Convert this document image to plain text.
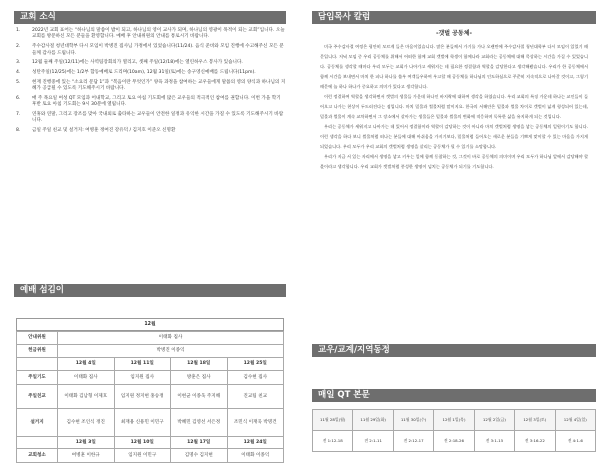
교회 소식
1.	2022년 교회 표어는 “하나님의 말씀이 밥이 되고, 하나님의 영이 교사가 되며, 하나님의 영광이 목적이 되는 교회”입니다. 오늘 교회를 방문하신 모든 분들을 환영합니다. 예배 후 안내위원의 안내를 통로시기 바랍니다.
2.	주수감사절 청년대학부 다시 모임이 박병진 집사님 가정에서 있었습니다(11/24). 음식 준비와 모임 진행에 수고해주신 모든 분들께 감사를 드립니다.
3.	12월 둘째 주일(12/11)에는 사역팀장회의가 열리고, 셋째 주일(12/18)에는 열린하우스 봉사가 있습니다.
4.	성탄주일(12/25)에는 1/2부 합동예배로 드리며(10am), 12월 31일(토)에는 송구영신예배를 드립니다(11pm).
5.	현재 진행중에 있는 “소요리 문답 1”과 “복음이란 무엇인가” 양육 과정을 참여하는 교우들에게 말씀의 영의 양식과 하나님의 지혜가 공급될 수 있도록 기도해주시기 바랍니다.
6.	매 주 목요일 여성 QT 모임과 어내학교, 그리고 토요 아침 기도회에 많은 교우들의 적극적인 참여를 권합니다. 이번 가을 학기 후반 토요 아침 기도회는 9시 30분에 열립니다.
7.	연휴와 연말, 그리고 장조를 맞아 국내외로 출타하는 교우들이 안전한 일정과 유익한 시간을 가질 수 있도록 기도해주시기 바랍니다.
8.	금일 주일 친교 및 설거지: 여병훈 정여진 강유덕 / 김지호 이준오 신명환
예배 섬김이
12월
안내위원	이태화 집사			
헌금위원	박병진 이종익			
	12월 4일	12월 11일	12월 18일	12월 25일
주일기도	이태화 집사	임지원 집사	방훈은 집사	김수현 집사
주일친교	이태화 김남형 이제호	임지원 정지현 홍승정	이현균 이종욱 주지해	진교팀 친교
설거지	김수현 조인식 정진	최재용 신용민 이민구	박혜민 김영선 서은정	조민식 이재욱 박명건
	12월 3일	12월 10일	12월 17일	12월 24일
교회청소	여병훈 이한규	임지원 이민구	김명수 김지현	이태화 이종익
담임목사 칼럼
-갯벌 공동체-

미국 주수감사절 여정은 평안히 모르게 들은 마음이었습니다. 많은 분들께서 가기를 가나 오랜만에 주수감사절 청년대학부 다시 모임이 있었기 때문입니다. 저녁 모임 중 우리 공동체를 위해서 어떠한 함께 교회 갯벌에 학생이 함께나라 교회라는 공동체에 대해 묵상하는 시간을 가질 수 있었습니다. 공동체를 생각할 때마다 우리 모두는 교회가 나아가고 세워지는 데 필요한 정결함과 역할을 감당한다고 생각해봤습니다. 우리가 한 공동체에서 함께 시간을 보내면서 마치 한 피나 하나를 쓸우 여객들우하여 우고할 때 공동체를 하나님의 인도하심으로 꾸준히 지속적으로 나아갈 것이고, 그렇기 때문에 늘 하나 하나가 중요하고 의미가 있다고 생각합니다.

이런 정결하여 역할을 생각하면서 갯벌의 생물들 가운데 하나인 바지락에 대하여 생각을 하였습니다. 우리 교회의 특징 가운데 하나는 교인들이 들어오고 나가는 현상이 두드러진다는 점입니다. 마치 밀물과 썰물처럼 말이지요. 한국의 서해안은 밀물과 썰물 차이로 갯벌이 넓게 형성되어 있는데, 밀물과 썰물이 계속 교차하면서 그 장소에서 살아가는 생물들은 밀물과 썰물의 변화에 적응하며 독특한 삶을 유지하게 되는 것입니다.

우리는 공동체가 세워지고 나아가는 데 있어서 정결함이라 역할이 감당하는 것이 아니라 마치 갯벌처럼 생명을 낳는 공동체의 일원이기도 합니다. 이런 생각을 하다 보니 썰물처럼 떠나는 분들에 대해 아쉬움을 가지기보다, 밀물처럼 들어오는 새로운 분들을 기쁘게 맞이할 수 있는 마음을 가지게 되었습니다. 우리 모두가 우리 교회의 갯벌처럼 생명을 살리는 공동체가 될 수 있기를 소망합니다.

우리가 지금 서 있는 자리에서 생명을 낳고 키우는 일에 함께 동참하는 것, 그것이 바로 공동체의 의미이며 우리 모두가 하나님 앞에서 감당해야 할 몫이라고 생각합니다. 우리 교회가 갯벌처럼 풍성한 생명이 넘치는 공동체가 되기를 기도합니다.

교우/교계/지역동정
매일 QT 본문
11월 28일(월)	11월 29일(화)	11월 30일(수)	12월 1일(목)	12월 2일(금)	12월 3일(토)	12월 4일(일)
전 1:12-18	전 2:1-11	전 2:12-17	전 2:18-26	전 3:1-15	전 3:16-22	전 4:1-6
